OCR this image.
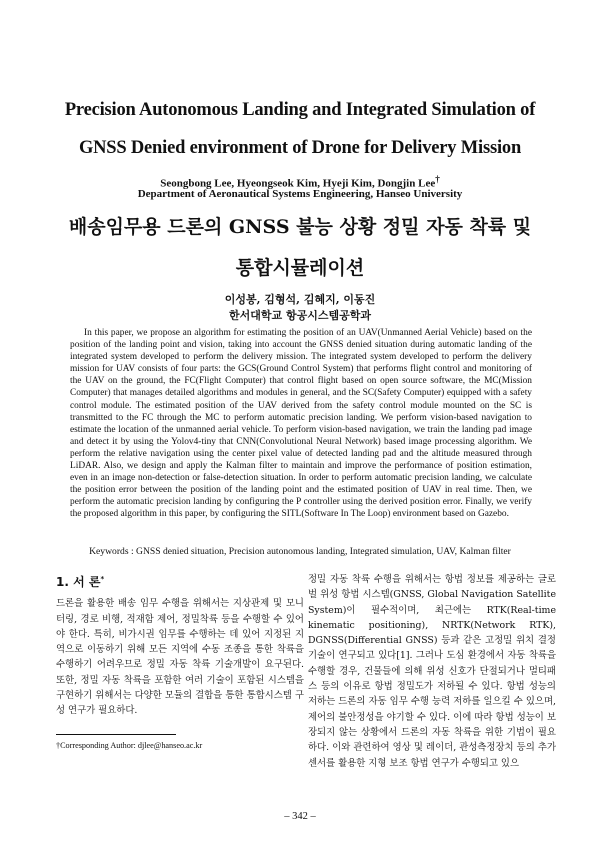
Precision Autonomous Landing and Integrated Simulation of
GNSS Denied environment of Drone for Delivery Mission
Seongbong Lee, Hyeongseok Kim, Hyeji Kim, Dongjin Lee†
Department of Aeronautical Systems Engineering, Hanseo University
배송임무용 드론의 GNSS 불능 상황 정밀 자동 착륙 및
통합시뮬레이션
이성봉, 김형석, 김혜지, 이동진
한서대학교 항공시스템공학과

In this paper, we propose an algorithm for estimating the position of an UAV(Unmanned Aerial Vehicle) based on the position of the landing point and vision, taking into account the GNSS denied situation during automatic landing of the integrated system developed to perform the delivery mission. The integrated system developed to perform the delivery mission for UAV consists of four parts: the GCS(Ground Control System) that performs flight control and monitoring of the UAV on the ground, the FC(Flight Computer) that control flight based on open source software, the MC(Mission Computer) that manages detailed algorithms and modules in general, and the SC(Safety Computer) equipped with a safety control module. The estimated position of the UAV derived from the safety control module mounted on the SC is transmitted to the FC through the MC to perform automatic precision landing. We perform vision-based navigation to estimate the location of the unmanned aerial vehicle. To perform vision-based navigation, we train the landing pad image and detect it by using the Yolov4-tiny that CNN(Convolutional Neural Network) based image processing algorithm. We perform the relative navigation using the center pixel value of detected landing pad and the altitude measured through LiDAR. Also, we design and apply the Kalman filter to maintain and improve the performance of position estimation, even in an image non-detection or false-detection situation. In order to perform automatic precision landing, we calculate the position error between the position of the landing point and the estimated position of UAV in real time. Then, we perform the automatic precision landing by configuring the P controller using the derived position error. Finally, we verify the proposed algorithm in this paper, by configuring the SITL(Software In The Loop) environment based on Gazebo.

Keywords : GNSS denied situation, Precision autonomous landing, Integrated simulation, UAV, Kalman filter
1. 서 론*

드론을 활용한 배송 임무 수행을 위해서는 지상관제 및 모니터링, 경로 비행, 적재함 제어, 정밀착륙 등을 수행할 수 있어야 한다. 특히, 비가시권 임무를 수행하는 데 있어 지정된 지역으로 이동하기 위해 모든 지역에 수동 조종을 통한 착륙을 수행하기 어려우므로 정밀 자동 착륙 기술개발이 요구된다. 또한, 정밀 자동 착륙을 포함한 여러 기술이 포함된 시스템을 구현하기 위해서는 다양한 모듈의 결합을 통한 통합시스템 구성 연구가 필요하다.

정밀 자동 착륙 수행을 위해서는 항법 정보를 제공하는 글로벌 위성 항법 시스템(GNSS, Global Navigation Satellite System)이 필수적이며, 최근에는 RTK(Real-time kinematic positioning), NRTK(Network RTK), DGNSS(Differential GNSS) 등과 같은 고정밀 위치 결정 기술이 연구되고 있다[1]. 그러나 도심 환경에서 자동 착륙을 수행할 경우, 건물들에 의해 위성 신호가 단절되거나 멀티패스 등의 이유로 항법 정밀도가 저하될 수 있다. 항법 성능의 저하는 드론의 자동 임무 수행 능력 저하를 일으킬 수 있으며, 제어의 불안정성을 야기할 수 있다. 이에 따라 항법 성능이 보장되지 않는 상황에서 드론의 자동 착륙을 위한 기법이 필요하다. 이와 관련하여 영상 및 레이더, 관성측정장치 등의 추가 센서를 활용한 지형 보조 항법 연구가 수행되고 있으

†Corresponding Author: djlee@hanseo.ac.kr
– 342 –
